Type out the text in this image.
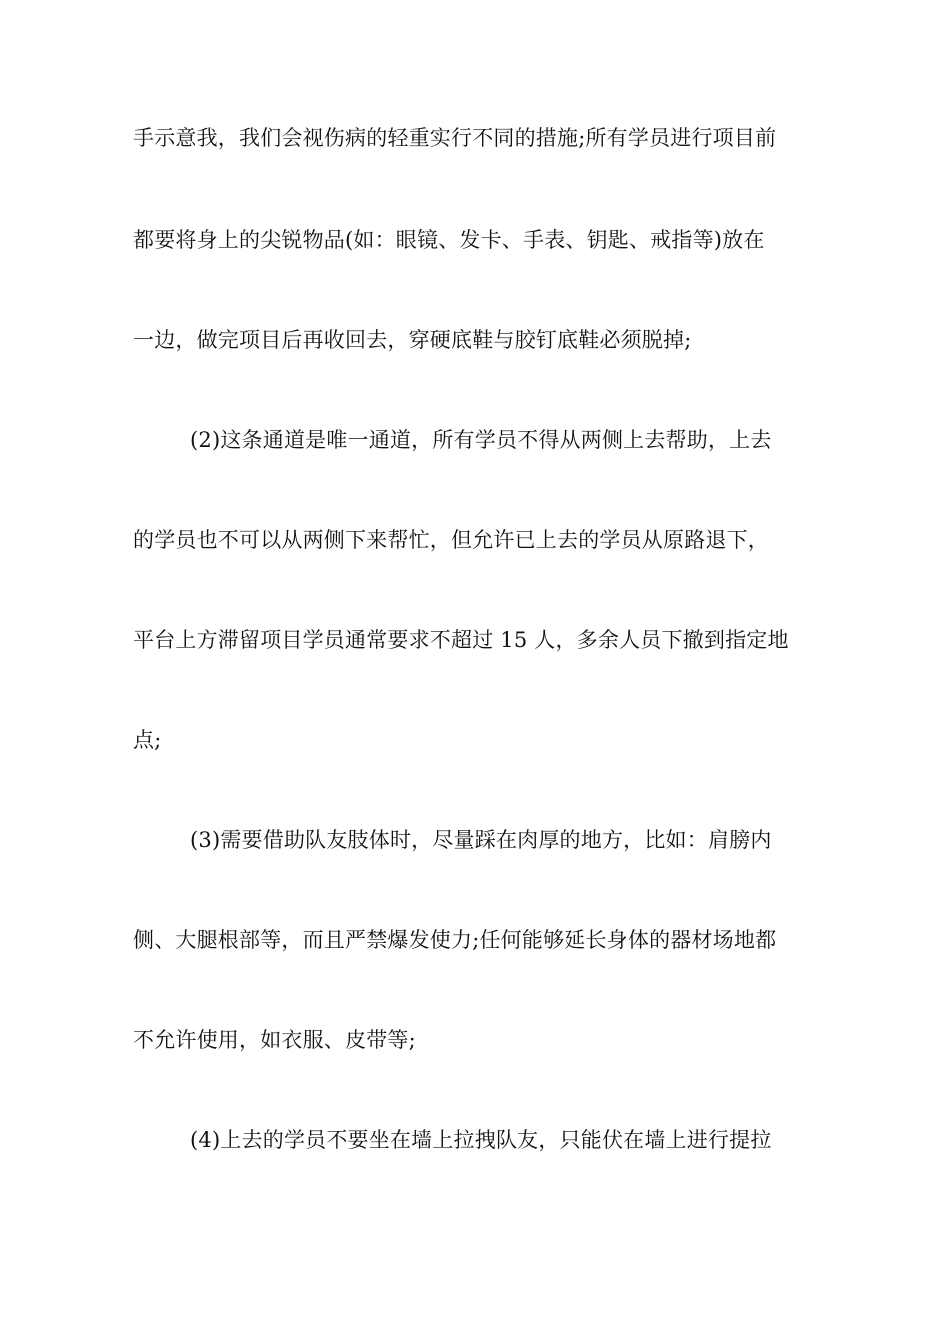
手示意我，我们会视伤病的轻重实行不同的措施;所有学员进行项目前
都要将身上的尖锐物品(如：眼镜、发卡、手表、钥匙、戒指等)放在
一边，做完项目后再收回去，穿硬底鞋与胶钉底鞋必须脱掉;
(2)这条通道是唯一通道，所有学员不得从两侧上去帮助，上去
的学员也不可以从两侧下来帮忙，但允许已上去的学员从原路退下，
平台上方滞留项目学员通常要求不超过 15 人，多余人员下撤到指定地
点;
(3)需要借助队友肢体时，尽量踩在肉厚的地方，比如：肩膀内
侧、大腿根部等，而且严禁爆发使力;任何能够延长身体的器材场地都
不允许使用，如衣服、皮带等;
(4)上去的学员不要坐在墙上拉拽队友，只能伏在墙上进行提拉
